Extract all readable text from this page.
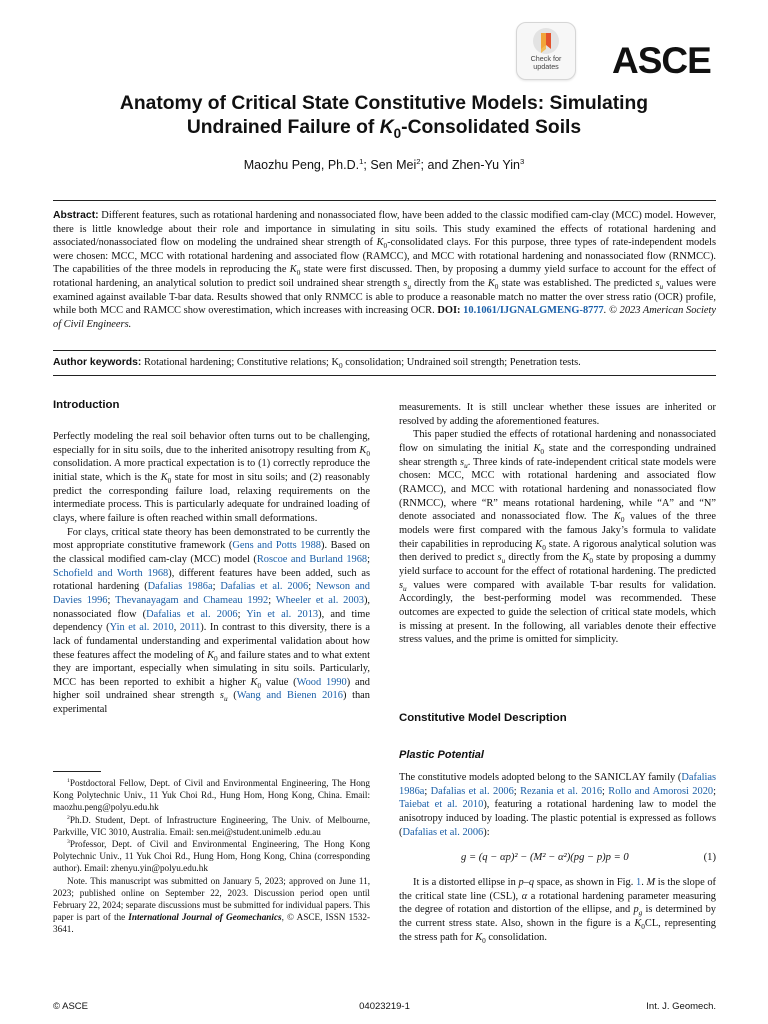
Check for
updates	ASCE
Anatomy of Critical State Constitutive Models: Simulating
Undrained Failure of $K_0$-Consolidated Soils
Maozhu Peng, Ph.D.$^1$; Sen Mei$^2$; and Zhen-Yu Yin$^3$
Abstract: Different features, such as rotational hardening and nonassociated flow, have been added to the classic modified cam-clay (MCC) model. However, there is little knowledge about their role and importance in simulating in situ soils. This study examined the effects of rotational hardening and associated/nonassociated flow on modeling the undrained shear strength of $K_0$-consolidated clays. For this purpose, three types of rate-independent models were chosen: MCC, MCC with rotational hardening and associated flow (RAMCC), and MCC with rotational hardening and nonassociated flow (RNMCC). The capabilities of the three models in reproducing the $K_0$ state were first discussed. Then, by proposing a dummy yield surface to account for the effect of rotational hardening, an analytical solution to predict soil undrained shear strength $s_u$ directly from the $K_0$ state was established. The predicted $s_u$ values were examined against available T-bar data. Results showed that only RNMCC is able to produce a reasonable match no matter the over stress ratio (OCR) profile, while both MCC and RAMCC show overestimation, which increases with increasing OCR. DOI: 10.1061/IJGNALGMENG-8777. © 2023 American Society of Civil Engineers.
Author keywords: Rotational hardening; Constitutive relations; $K_0$ consolidation; Undrained soil strength; Penetration tests.
Introduction

Perfectly modeling the real soil behavior often turns out to be challenging, especially for in situ soils, due to the inherited anisotropy resulting from $K_0$ consolidation. A more practical expectation is to (1) correctly reproduce the initial state, which is the $K_0$ state for most in situ soils; and (2) reasonably predict the corresponding failure load, relaxing requirements on the intermediate process. This is particularly adequate for undrained loading of clays, where failure is often reached within small deformations.

For clays, critical state theory has been demonstrated to be currently the most appropriate constitutive framework (Gens and Potts 1988). Based on the classical modified cam-clay (MCC) model (Roscoe and Burland 1968; Schofield and Worth 1968), different features have been added, such as rotational hardening (Dafalias 1986a; Dafalias et al. 2006; Newson and Davies 1996; Thevanayagam and Chameau 1992; Wheeler et al. 2003), nonassociated flow (Dafalias et al. 2006; Yin et al. 2013), and time dependency (Yin et al. 2010, 2011). In contrast to this diversity, there is a lack of fundamental understanding and experimental validation about how these features affect the modeling of $K_0$ and failure states and to what extent they are important, especially when simulating in situ soils. Particularly, MCC has been reported to exhibit a higher $K_0$ value (Wood 1990) and higher soil undrained shear strength $s_u$ (Wang and Bienen 2016) than experimental

$^1$Postdoctoral Fellow, Dept. of Civil and Environmental Engineering, The Hong Kong Polytechnic Univ., 11 Yuk Choi Rd., Hung Hom, Hong Kong, China. Email: maozhu.peng@polyu.edu.hk

$^2$Ph.D. Student, Dept. of Infrastructure Engineering, The Univ. of Melbourne, Parkville, VIC 3010, Australia. Email: sen.mei@student.unimelb .edu.au

$^3$Professor, Dept. of Civil and Environmental Engineering, The Hong Kong Polytechnic Univ., 11 Yuk Choi Rd., Hung Hom, Hong Kong, China (corresponding author). Email: zhenyu.yin@polyu.edu.hk

Note. This manuscript was submitted on January 5, 2023; approved on June 11, 2023; published online on September 22, 2023. Discussion period open until February 22, 2024; separate discussions must be submitted for individual papers. This paper is part of the International Journal of Geomechanics, © ASCE, ISSN 1532-3641.

measurements. It is still unclear whether these issues are inherited or resolved by adding the aforementioned features.

This paper studied the effects of rotational hardening and nonassociated flow on simulating the initial $K_0$ state and the corresponding undrained shear strength $s_u$. Three kinds of rate-independent critical state models were chosen: MCC, MCC with rotational hardening and associated flow (RAMCC), and MCC with rotational hardening and nonassociated flow (RNMCC), where “R” means rotational hardening, while “A” and “N” denote associated and nonassociated flow. The $K_0$ values of the three models were first compared with the famous Jaky’s formula to validate their capabilities in reproducing $K_0$ state. A rigorous analytical solution was then derived to predict $s_u$ directly from the $K_0$ state by proposing a dummy yield surface to account for the effect of rotational hardening. The predicted $s_u$ values were compared with available T-bar results for validation. Accordingly, the best-performing model was recommended. These outcomes are expected to guide the selection of critical state models, which is missing at present. In the following, all variables denote their effective stress values, and the prime is omitted for simplicity.

Constitutive Model Description
Plastic Potential

The constitutive models adopted belong to the SANICLAY family (Dafalias 1986a; Dafalias et al. 2006; Rezania et al. 2016; Rollo and Amorosi 2020; Taiebat et al. 2010), featuring a rotational hardening law to model the anisotropy induced by loading. The plastic potential is expressed as follows (Dafalias et al. 2006):

g = (q − αp)² − (M² − α²)(pg − p)p = 0	(1)

It is a distorted ellipse in p–q space, as shown in Fig. 1. M is the slope of the critical state line (CSL), α a rotational hardening parameter measuring the degree of rotation and distortion of the ellipse, and $p_g$ is determined by the current stress state. Also, shown in the figure is a $K_0CL$, representing the stress path for $K_0$ consolidation.

© ASCE	04023219-1	Int. J. Geomech.
